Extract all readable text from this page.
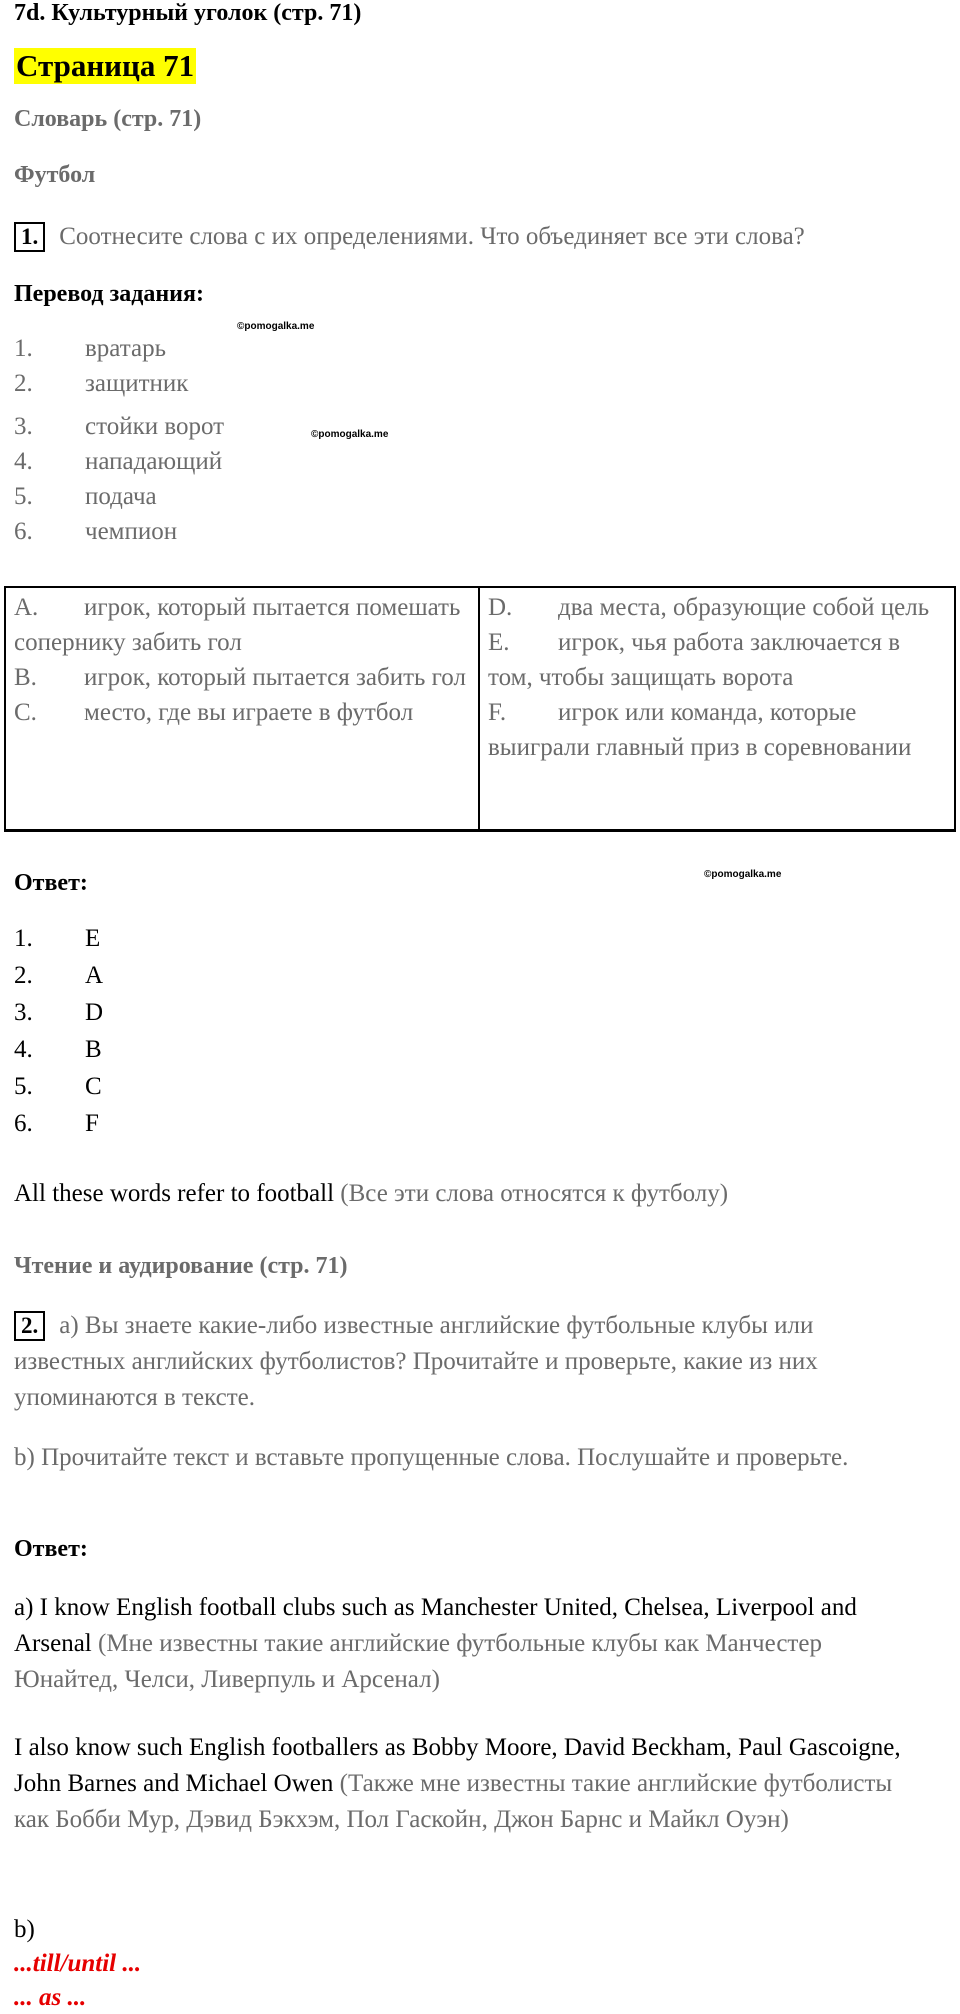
7d. Культурный уголок (стр. 71)
Страница 71
Словарь (стр. 71)
Футбол
1. Соотнесите слова с их определениями. Что объединяет все эти слова?
Перевод задания:
©pomogalka.me
1. вратарь
2. защитник
3. стойки ворот	©pomogalka.me
4. нападающий
5. подача
6. чемпион
A. игрок, который пытается помешать сопернику забить гол
B. игрок, который пытается забить гол
C. место, где вы играете в футбол
D. два места, образующие собой цель
E. игрок, чья работа заключается в том, чтобы защищать ворота
F. игрок или команда, которые выиграли главный приз в соревновании
Ответ:	©pomogalka.me
1. E
2. A
3. D
4. B
5. C
6. F
All these words refer to football (Все эти слова относятся к футболу)
Чтение и аудирование (стр. 71)
2. a) Вы знаете какие-либо известные английские футбольные клубы или известных английских футболистов? Прочитайте и проверьте, какие из них упоминаются в тексте.
b) Прочитайте текст и вставьте пропущенные слова. Послушайте и проверьте.
Ответ:
a) I know English football clubs such as Manchester United, Chelsea, Liverpool and Arsenal (Мне известны такие английские футбольные клубы как Манчестер Юнайтед, Челси, Ливерпуль и Арсенал)
I also know such English footballers as Bobby Moore, David Beckham, Paul Gascoigne, John Barnes and Michael Owen (Также мне известны такие английские футболисты как Бобби Мур, Дэвид Бэкхэм, Пол Гаскойн, Джон Барнс и Майкл Оуэн)
b)
...till/until ...
... as ...
